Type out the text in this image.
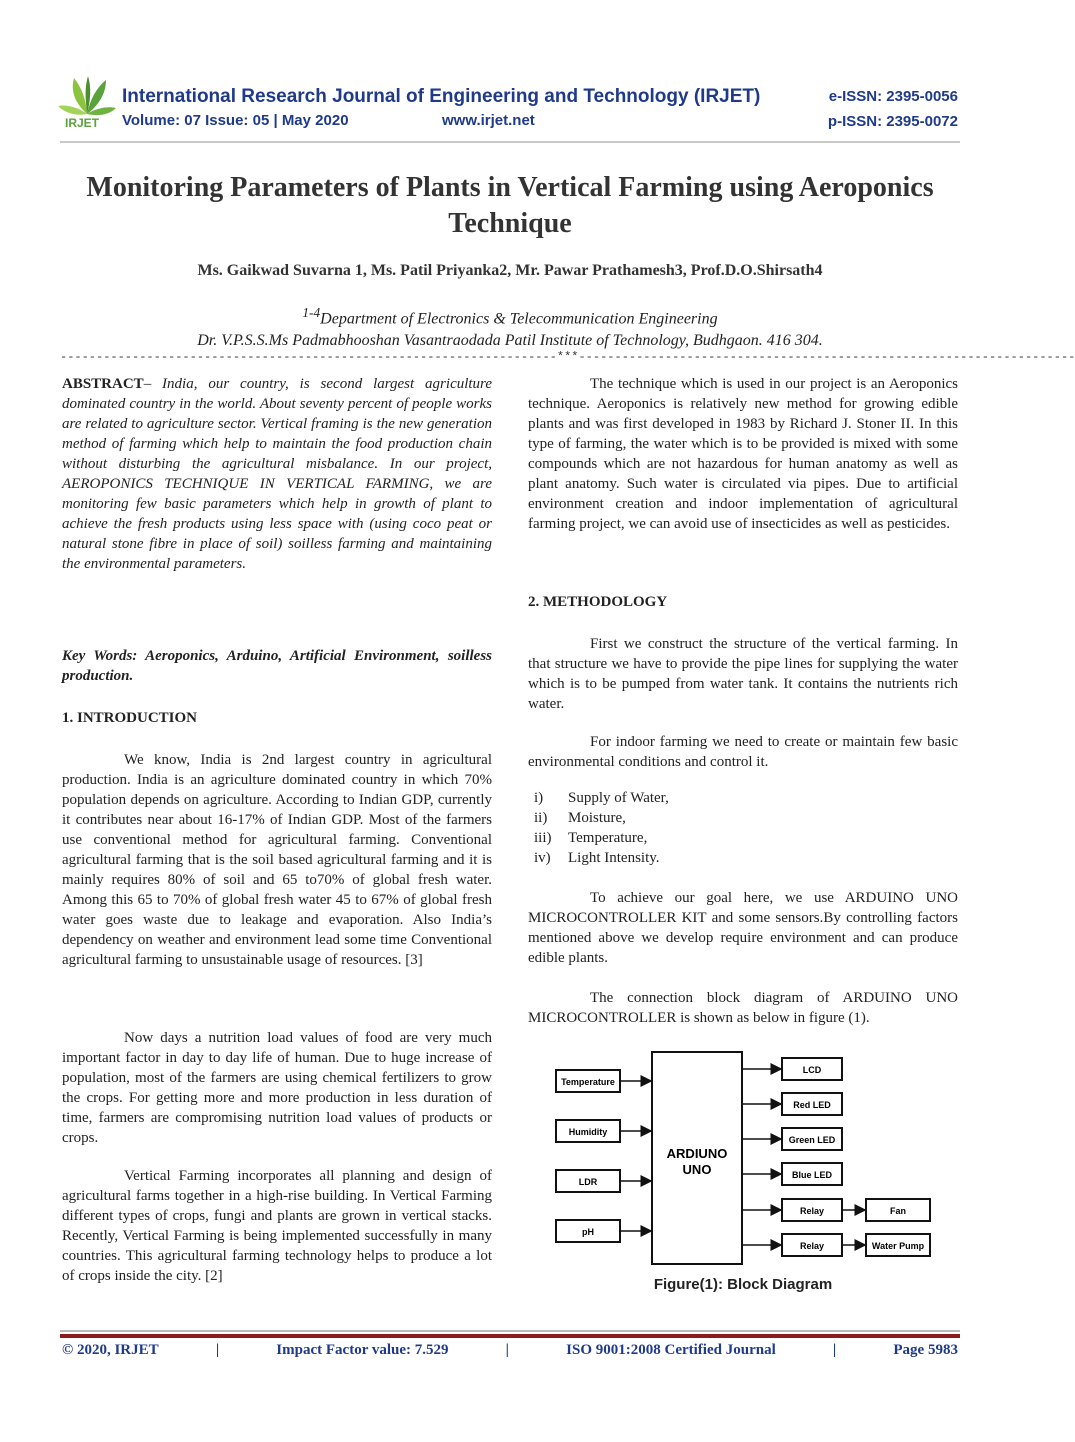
IRJET
International Research Journal of Engineering and Technology (IRJET)
Volume: 07 Issue: 05 | May 2020	www.irjet.net
e-ISSN: 2395-0056
p-ISSN: 2395-0072
Monitoring Parameters of Plants in Vertical Farming using Aeroponics Technique
Ms. Gaikwad Suvarna 1, Ms. Patil Priyanka2, Mr. Pawar Prathamesh3, Prof.D.O.Shirsath4
$^{1-4}$Department of Electronics & Telecommunication Engineering
Dr. V.P.S.S.Ms Padmabhooshan Vasantraodada Patil Institute of Technology, Budhgaon. 416 304.
---------------------------------------------------------------------***---------------------------------------------------------------------
ABSTRACT– India, our country, is second largest agriculture dominated country in the world. About seventy percent of people works are related to agriculture sector. Vertical framing is the new generation method of farming which help to maintain the food production chain without disturbing the agricultural misbalance. In our project, AEROPONICS TECHNIQUE IN VERTICAL FARMING, we are monitoring few basic parameters which help in growth of plant to achieve the fresh products using less space with (using coco peat or natural stone fibre in place of soil) soilless farming and maintaining the environmental parameters.
Key Words: Aeroponics, Arduino, Artificial Environment, soilless production.
1. INTRODUCTION
We know, India is 2nd largest country in agricultural production. India is an agriculture dominated country in which 70% population depends on agriculture. According to Indian GDP, currently it contributes near about 16-17% of Indian GDP. Most of the farmers use conventional method for agricultural farming. Conventional agricultural farming that is the soil based agricultural farming and it is mainly requires 80% of soil and 65 to70% of global fresh water. Among this 65 to 70% of global fresh water 45 to 67% of global fresh water goes waste due to leakage and evaporation. Also India’s dependency on weather and environment lead some time Conventional agricultural farming to unsustainable usage of resources. [3]
Now days a nutrition load values of food are very much important factor in day to day life of human. Due to huge increase of population, most of the farmers are using chemical fertilizers to grow the crops. For getting more and more production in less duration of time, farmers are compromising nutrition load values of products or crops.
Vertical Farming incorporates all planning and design of agricultural farms together in a high-rise building. In Vertical Farming different types of crops, fungi and plants are grown in vertical stacks. Recently, Vertical Farming is being implemented successfully in many countries. This agricultural farming technology helps to produce a lot of crops inside the city. [2]
The technique which is used in our project is an Aeroponics technique. Aeroponics is relatively new method for growing edible plants and was first developed in 1983 by Richard J. Stoner II. In this type of farming, the water which is to be provided is mixed with some compounds which are not hazardous for human anatomy as well as plant anatomy. Such water is circulated via pipes. Due to artificial environment creation and indoor implementation of agricultural farming project, we can avoid use of insecticides as well as pesticides.
2. METHODOLOGY
First we construct the structure of the vertical farming. In that structure we have to provide the pipe lines for supplying the water which is to be pumped from water tank. It contains the nutrients rich water.
For indoor farming we need to create or maintain few basic environmental conditions and control it.
i)	Supply of Water,
ii)	Moisture,
iii)	Temperature,
iv)	Light Intensity.
To achieve our goal here, we use ARDUINO UNO MICROCONTROLLER KIT and some sensors.By controlling factors mentioned above we develop require environment and can produce edible plants.
The connection block diagram of ARDUINO UNO MICROCONTROLLER is shown as below in figure (1).
ARDIUNO
UNO
Temperature
Humidity
LDR
pH
LCD
Red LED
Green LED
Blue LED
Relay	Fan
Relay	Water Pump
Figure(1): Block Diagram
© 2020, IRJET	|	Impact Factor value: 7.529	|	ISO 9001:2008 Certified Journal	|	Page 5983
